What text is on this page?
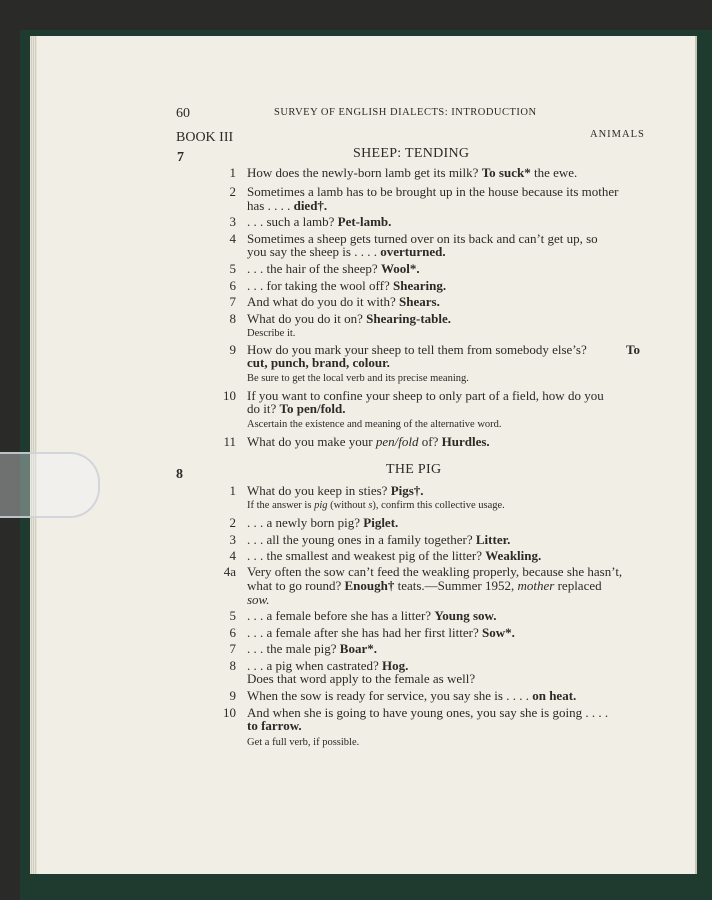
60	SURVEY OF ENGLISH DIALECTS: INTRODUCTION
BOOK III	ANIMALS
7	SHEEP: TENDING
1 How does the newly-born lamb get its milk? To suck* the ewe.
2 Sometimes a lamb has to be brought up in the house because its mother
has . . . . died†.
3 . . . such a lamb? Pet-lamb.
4 Sometimes a sheep gets turned over on its back and can’t get up, so
you say the sheep is . . . . overturned.
5 . . . the hair of the sheep? Wool*.
6 . . . for taking the wool off? Shearing.
7 And what do you do it with? Shears.
8 What do you do it on? Shearing-table.
Describe it.
9 How do you mark your sheep to tell them from somebody else’s?	To
cut, punch, brand, colour.
Be sure to get the local verb and its precise meaning.
10 If you want to confine your sheep to only part of a field, how do you
do it? To pen/fold.
Ascertain the existence and meaning of the alternative word.
11 What do you make your pen/fold of? Hurdles.
8	THE PIG
1 What do you keep in sties? Pigs†.
If the answer is pig (without s), confirm this collective usage.
2 . . . a newly born pig? Piglet.
3 . . . all the young ones in a family together? Litter.
4 . . . the smallest and weakest pig of the litter? Weakling.
4a Very often the sow can’t feed the weakling properly, because she hasn’t,
what to go round? Enough† teats.—Summer 1952, mother replaced
sow.
5 . . . a female before she has a litter? Young sow.
6 . . . a female after she has had her first litter? Sow*.
7 . . . the male pig? Boar*.
8 . . . a pig when castrated? Hog.
Does that word apply to the female as well?
9 When the sow is ready for service, you say she is . . . . on heat.
10 And when she is going to have young ones, you say she is going . . . .
to farrow.
Get a full verb, if possible.
